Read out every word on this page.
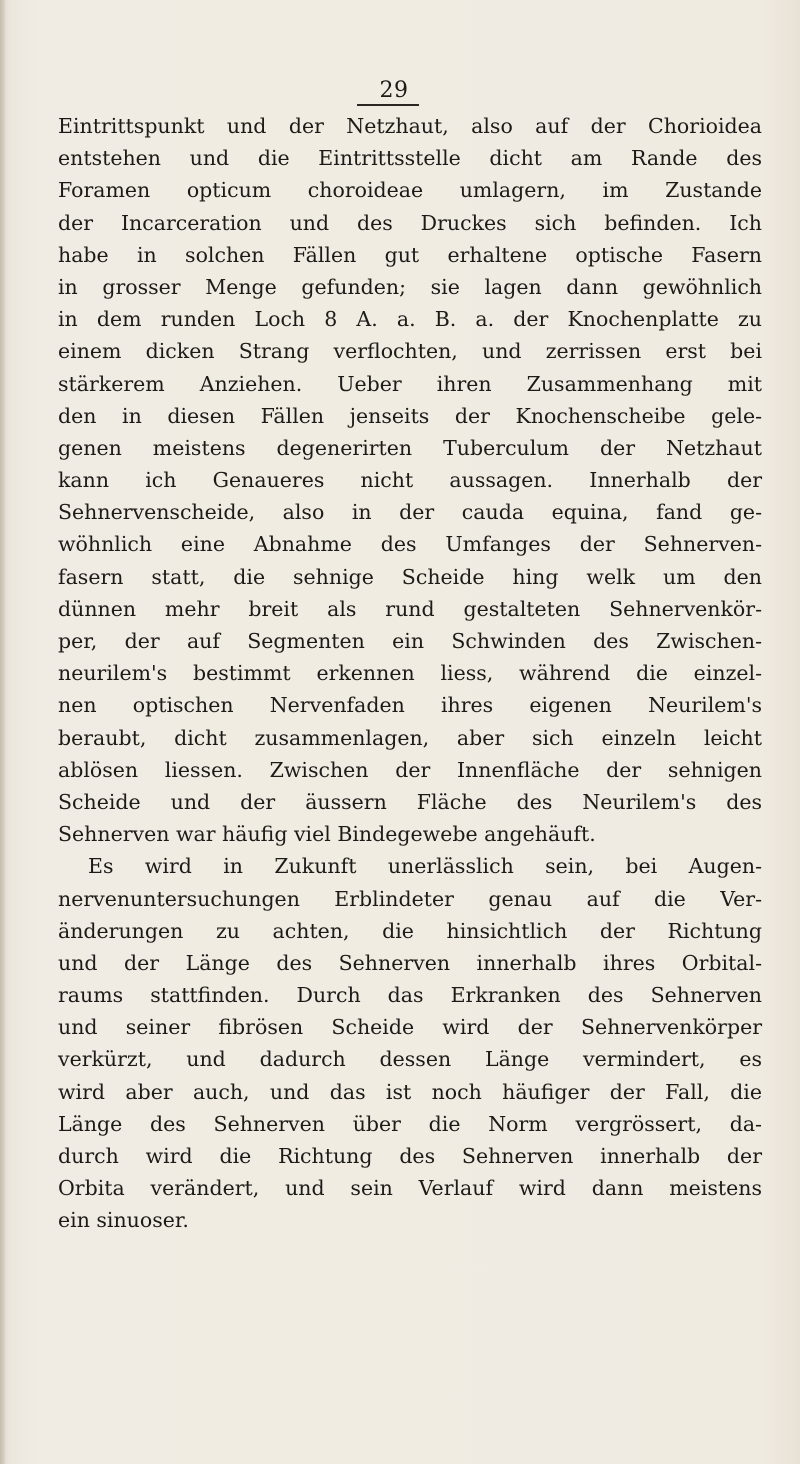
29
Eintrittspunkt und der Netzhaut, also auf der Chorioidea
entstehen und die Eintrittsstelle dicht am Rande des
Foramen opticum choroideae umlagern, im Zustande
der Incarceration und des Druckes sich befinden. Ich
habe in solchen Fällen gut erhaltene optische Fasern
in grosser Menge gefunden; sie lagen dann gewöhnlich
in dem runden Loch 8 A. a. B. a. der Knochenplatte zu
einem dicken Strang verflochten, und zerrissen erst bei
stärkerem Anziehen. Ueber ihren Zusammenhang mit
den in diesen Fällen jenseits der Knochenscheibe gele-
genen meistens degenerirten Tuberculum der Netzhaut
kann ich Genaueres nicht aussagen. Innerhalb der
Sehnervenscheide, also in der cauda equina, fand ge-
wöhnlich eine Abnahme des Umfanges der Sehnerven-
fasern statt, die sehnige Scheide hing welk um den
dünnen mehr breit als rund gestalteten Sehnervenkör-
per, der auf Segmenten ein Schwinden des Zwischen-
neurilem's bestimmt erkennen liess, während die einzel-
nen optischen Nervenfaden ihres eigenen Neurilem's
beraubt, dicht zusammenlagen, aber sich einzeln leicht
ablösen liessen. Zwischen der Innenfläche der sehnigen
Scheide und der äussern Fläche des Neurilem's des
Sehnerven war häufig viel Bindegewebe angehäuft.
Es wird in Zukunft unerlässlich sein, bei Augen-
nervenuntersuchungen Erblindeter genau auf die Ver-
änderungen zu achten, die hinsichtlich der Richtung
und der Länge des Sehnerven innerhalb ihres Orbital-
raums stattfinden. Durch das Erkranken des Sehnerven
und seiner fibrösen Scheide wird der Sehnervenkörper
verkürzt, und dadurch dessen Länge vermindert, es
wird aber auch, und das ist noch häufiger der Fall, die
Länge des Sehnerven über die Norm vergrössert, da-
durch wird die Richtung des Sehnerven innerhalb der
Orbita verändert, und sein Verlauf wird dann meistens
ein sinuoser.
